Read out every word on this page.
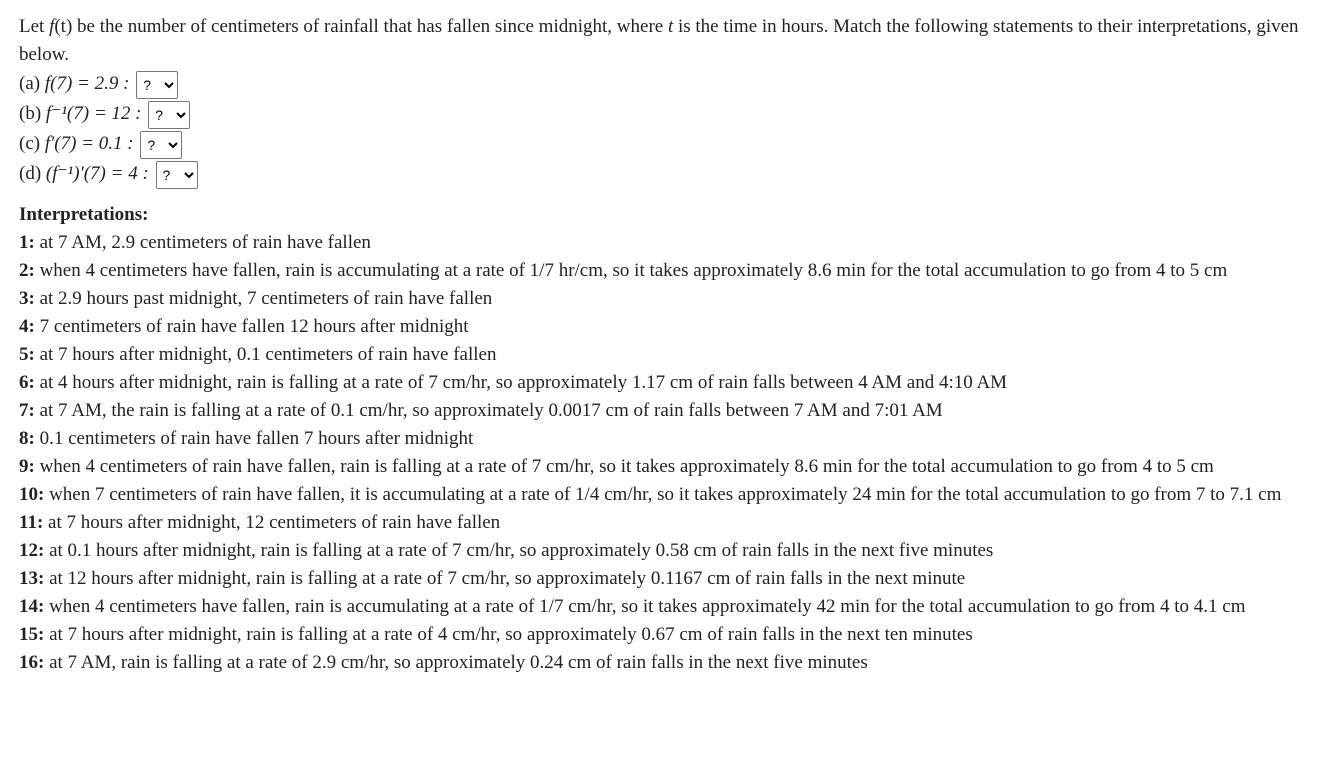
Let f(t) be the number of centimeters of rainfall that has fallen since midnight, where t is the time in hours. Match the following statements to their interpretations, given below.

(a) f(7) = 2.9 :
?
(b) f⁻¹(7) = 12 :
?
(c) f′(7) = 0.1 :
?
(d) (f⁻¹)′(7) = 4 :
?
Interpretations:

1: at 7 AM, 2.9 centimeters of rain have fallen

2: when 4 centimeters have fallen, rain is accumulating at a rate of 1/7 hr/cm, so it takes approximately 8.6 min for the total accumulation to go from 4 to 5 cm

3: at 2.9 hours past midnight, 7 centimeters of rain have fallen

4: 7 centimeters of rain have fallen 12 hours after midnight

5: at 7 hours after midnight, 0.1 centimeters of rain have fallen

6: at 4 hours after midnight, rain is falling at a rate of 7 cm/hr, so approximately 1.17 cm of rain falls between 4 AM and 4:10 AM

7: at 7 AM, the rain is falling at a rate of 0.1 cm/hr, so approximately 0.0017 cm of rain falls between 7 AM and 7:01 AM

8: 0.1 centimeters of rain have fallen 7 hours after midnight

9: when 4 centimeters of rain have fallen, rain is falling at a rate of 7 cm/hr, so it takes approximately 8.6 min for the total accumulation to go from 4 to 5 cm

10: when 7 centimeters of rain have fallen, it is accumulating at a rate of 1/4 cm/hr, so it takes approximately 24 min for the total accumulation to go from 7 to 7.1 cm

11: at 7 hours after midnight, 12 centimeters of rain have fallen

12: at 0.1 hours after midnight, rain is falling at a rate of 7 cm/hr, so approximately 0.58 cm of rain falls in the next five minutes

13: at 12 hours after midnight, rain is falling at a rate of 7 cm/hr, so approximately 0.1167 cm of rain falls in the next minute

14: when 4 centimeters have fallen, rain is accumulating at a rate of 1/7 cm/hr, so it takes approximately 42 min for the total accumulation to go from 4 to 4.1 cm

15: at 7 hours after midnight, rain is falling at a rate of 4 cm/hr, so approximately 0.67 cm of rain falls in the next ten minutes

16: at 7 AM, rain is falling at a rate of 2.9 cm/hr, so approximately 0.24 cm of rain falls in the next five minutes
